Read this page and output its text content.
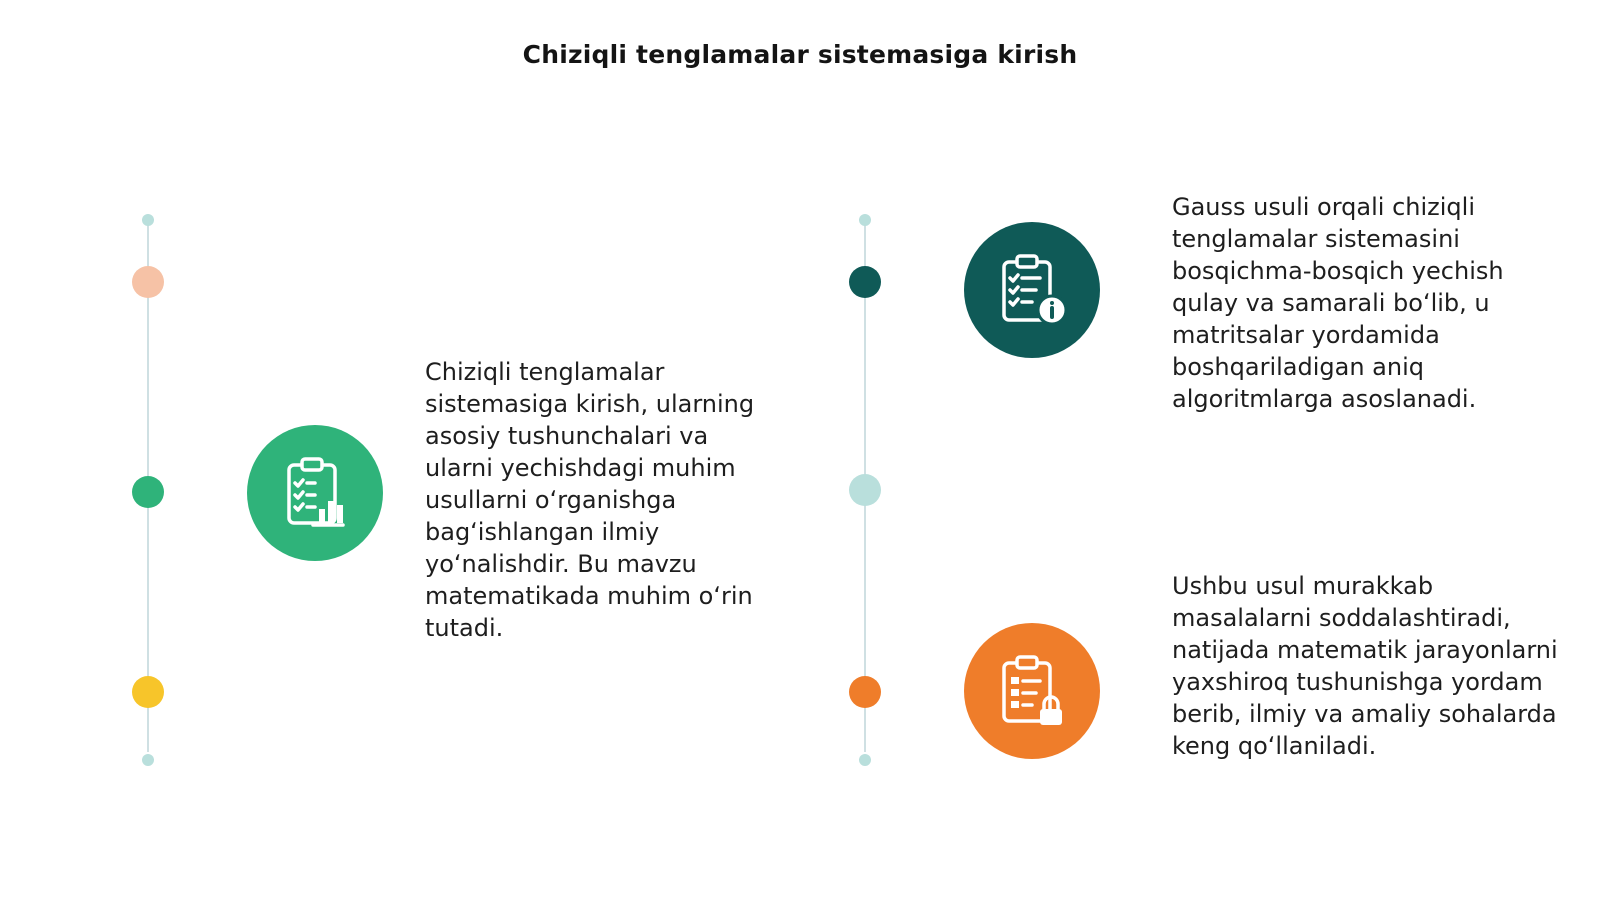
Chiziqli tenglamalar sistemasiga kirish
Chiziqli tenglamalar sistemasiga kirish, ularning asosiy tushunchalari va ularni yechishdagi muhim usullarni oʻrganishga bagʻishlangan ilmiy yoʻnalishdir. Bu mavzu matematikada muhim oʻrin tutadi.
Gauss usuli orqali chiziqli tenglamalar sistemasini bosqichma-bosqich yechish qulay va samarali boʻlib, u matritsalar yordamida boshqariladigan aniq algoritmlarga asoslanadi.
Ushbu usul murakkab masalalarni soddalashtiradi, natijada matematik jarayonlarni yaxshiroq tushunishga yordam berib, ilmiy va amaliy sohalarda keng qoʻllaniladi.
